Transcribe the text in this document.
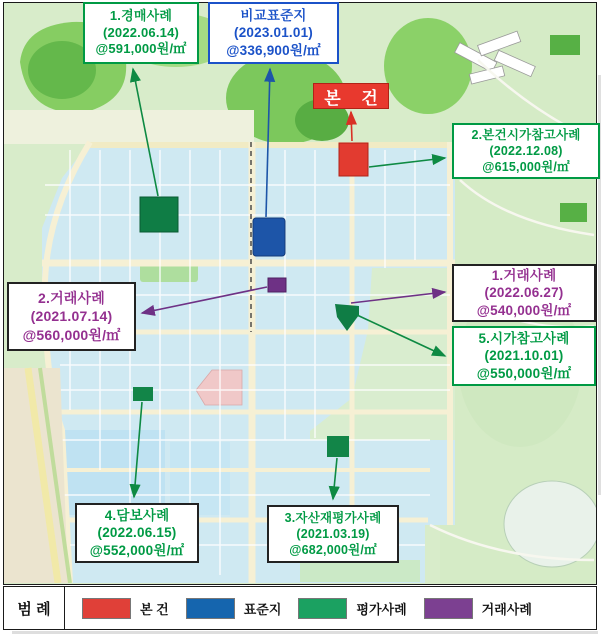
본 건
1.경매사례
(2022.06.14)
@591,000원/㎡
비교표준지
(2023.01.01)
@336,900원/㎡
2.본건시가참고사례
(2022.12.08)
@615,000원/㎡
2.거래사례
(2021.07.14)
@560,000원/㎡
1.거래사례
(2022.06.27)
@540,000원/㎡
5.시가참고사례
(2021.10.01)
@550,000원/㎡
4.담보사례
(2022.06.15)
@552,000원/㎡
3.자산재평가사례
(2021.03.19)
@682,000원/㎡
범 례	본 건	표준지	평가사례	거래사례
